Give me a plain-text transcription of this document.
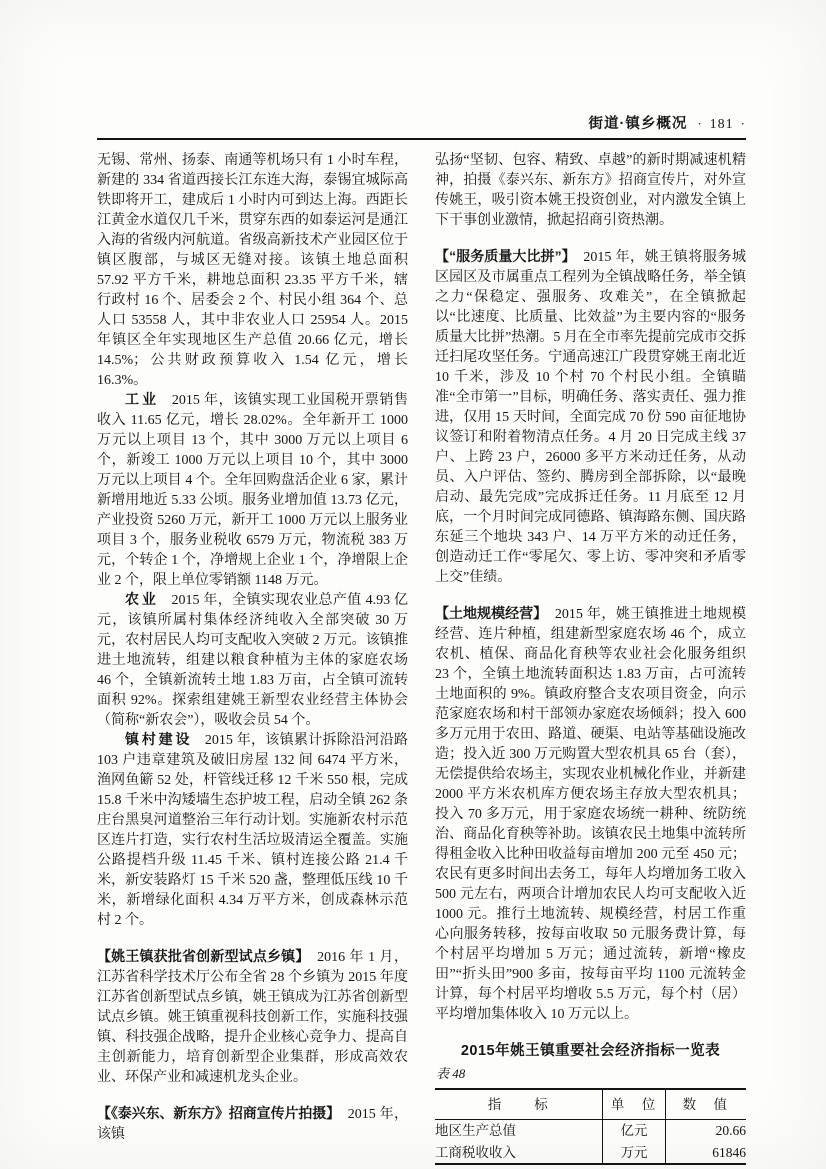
街道·镇乡概况 · 181 ·

无锡、常州、扬泰、南通等机场只有 1 小时车程，新建的 334 省道西接长江东连大海，泰锡宜城际高铁即将开工，建成后 1 小时内可到达上海。西距长江黄金水道仅几千米，贯穿东西的如泰运河是通江入海的省级内河航道。省级高新技术产业园区位于镇区腹部，与城区无缝对接。该镇土地总面积 57.92 平方千米，耕地总面积 23.35 平方千米，辖行政村 16 个、居委会 2 个、村民小组 364 个、总人口 53558 人，其中非农业人口 25954 人。2015 年镇区全年实现地区生产总值 20.66 亿元，增长 14.5%；公共财政预算收入 1.54 亿元，增长 16.3%。

工业 2015 年，该镇实现工业国税开票销售收入 11.65 亿元，增长 28.02%。全年新开工 1000 万元以上项目 13 个，其中 3000 万元以上项目 6 个，新竣工 1000 万元以上项目 10 个，其中 3000 万元以上项目 4 个。全年回购盘活企业 6 家，累计新增用地近 5.33 公顷。服务业增加值 13.73 亿元，产业投资 5260 万元，新开工 1000 万元以上服务业项目 3 个，服务业税收 6579 万元，物流税 383 万元，个转企 1 个，净增规上企业 1 个，净增限上企业 2 个，限上单位零销额 1148 万元。

农业 2015 年，全镇实现农业总产值 4.93 亿元，该镇所属村集体经济纯收入全部突破 30 万元，农村居民人均可支配收入突破 2 万元。该镇推进土地流转，组建以粮食种植为主体的家庭农场 46 个，全镇新流转土地 1.83 万亩，占全镇可流转面积 92%。探索组建姚王新型农业经营主体协会（简称“新农会”），吸收会员 54 个。

镇村建设 2015 年，该镇累计拆除沿河沿路 103 户违章建筑及破旧房屋 132 间 6474 平方米，渔网鱼簖 52 处，杆管线迁移 12 千米 550 根，完成 15.8 千米中沟矮墙生态护坡工程，启动全镇 262 条庄台黑臭河道整治三年行动计划。实施新农村示范区连片打造，实行农村生活垃圾清运全覆盖。实施公路提档升级 11.45 千米、镇村连接公路 21.4 千米，新安装路灯 15 千米 520 盏，整理低压线 10 千米，新增绿化面积 4.34 万平方米，创成森林示范村 2 个。

【姚王镇获批省创新型试点乡镇】 2016 年 1 月，江苏省科学技术厅公布全省 28 个乡镇为 2015 年度江苏省创新型试点乡镇，姚王镇成为江苏省创新型试点乡镇。姚王镇重视科技创新工作，实施科技强镇、科技强企战略，提升企业核心竞争力、提高自主创新能力，培育创新型企业集群，形成高效农业、环保产业和减速机龙头企业。

【《泰兴东、新东方》招商宣传片拍摄】 2015 年，该镇

弘扬“坚韧、包容、精致、卓越”的新时期减速机精神，拍摄《泰兴东、新东方》招商宣传片，对外宣传姚王，吸引资本姚王投资创业，对内激发全镇上下干事创业激情，掀起招商引资热潮。

【“服务质量大比拼”】 2015 年，姚王镇将服务城区园区及市属重点工程列为全镇战略任务，举全镇之力“保稳定、强服务、攻难关”，在全镇掀起以“比速度、比质量、比效益”为主要内容的“服务质量大比拼”热潮。5 月在全市率先提前完成市交拆迁扫尾攻坚任务。宁通高速江广段贯穿姚王南北近 10 千米，涉及 10 个村 70 个村民小组。全镇瞄准“全市第一”目标，明确任务、落实责任、强力推进，仅用 15 天时间，全面完成 70 份 590 亩征地协议签订和附着物清点任务。4 月 20 日完成主线 37 户、上跨 23 户，26000 多平方米动迁任务，从动员、入户评估、签约、腾房到全部拆除，以“最晚启动、最先完成”完成拆迁任务。11 月底至 12 月底，一个月时间完成同德路、镇海路东侧、国庆路东延三个地块 343 户、14 万平方米的动迁任务，创造动迁工作“零尾欠、零上访、零冲突和矛盾零上交”佳绩。

【土地规模经营】 2015 年，姚王镇推进土地规模经营、连片种植，组建新型家庭农场 46 个，成立农机、植保、商品化育秧等农业社会化服务组织 23 个，全镇土地流转面积达 1.83 万亩，占可流转土地面积的 9%。镇政府整合支农项目资金，向示范家庭农场和村干部领办家庭农场倾斜；投入 600 多万元用于农田、路道、硬渠、电站等基础设施改造；投入近 300 万元购置大型农机具 65 台（套），无偿提供给农场主，实现农业机械化作业，并新建 2000 平方米农机库方便农场主存放大型农机具；投入 70 多万元，用于家庭农场统一耕种、统防统治、商品化育秧等补助。该镇农民土地集中流转所得租金收入比种田收益每亩增加 200 元至 450 元；农民有更多时间出去务工，每年人均增加务工收入 500 元左右，两项合计增加农民人均可支配收入近 1000 元。推行土地流转、规模经营，村居工作重心向服务转移，按每亩收取 50 元服务费计算，每个村居平均增加 5 万元；通过流转，新增“橡皮田”“折头田”900 多亩，按每亩平均 1100 元流转金计算，每个村居平均增收 5.5 万元，每个村（居）平均增加集体收入 10 万元以上。

2015年姚王镇重要社会经济指标一览表
表 48
指　　标	单　位	数　值
地区生产总值	亿元	20.66
工商税收收入	万元	61846
